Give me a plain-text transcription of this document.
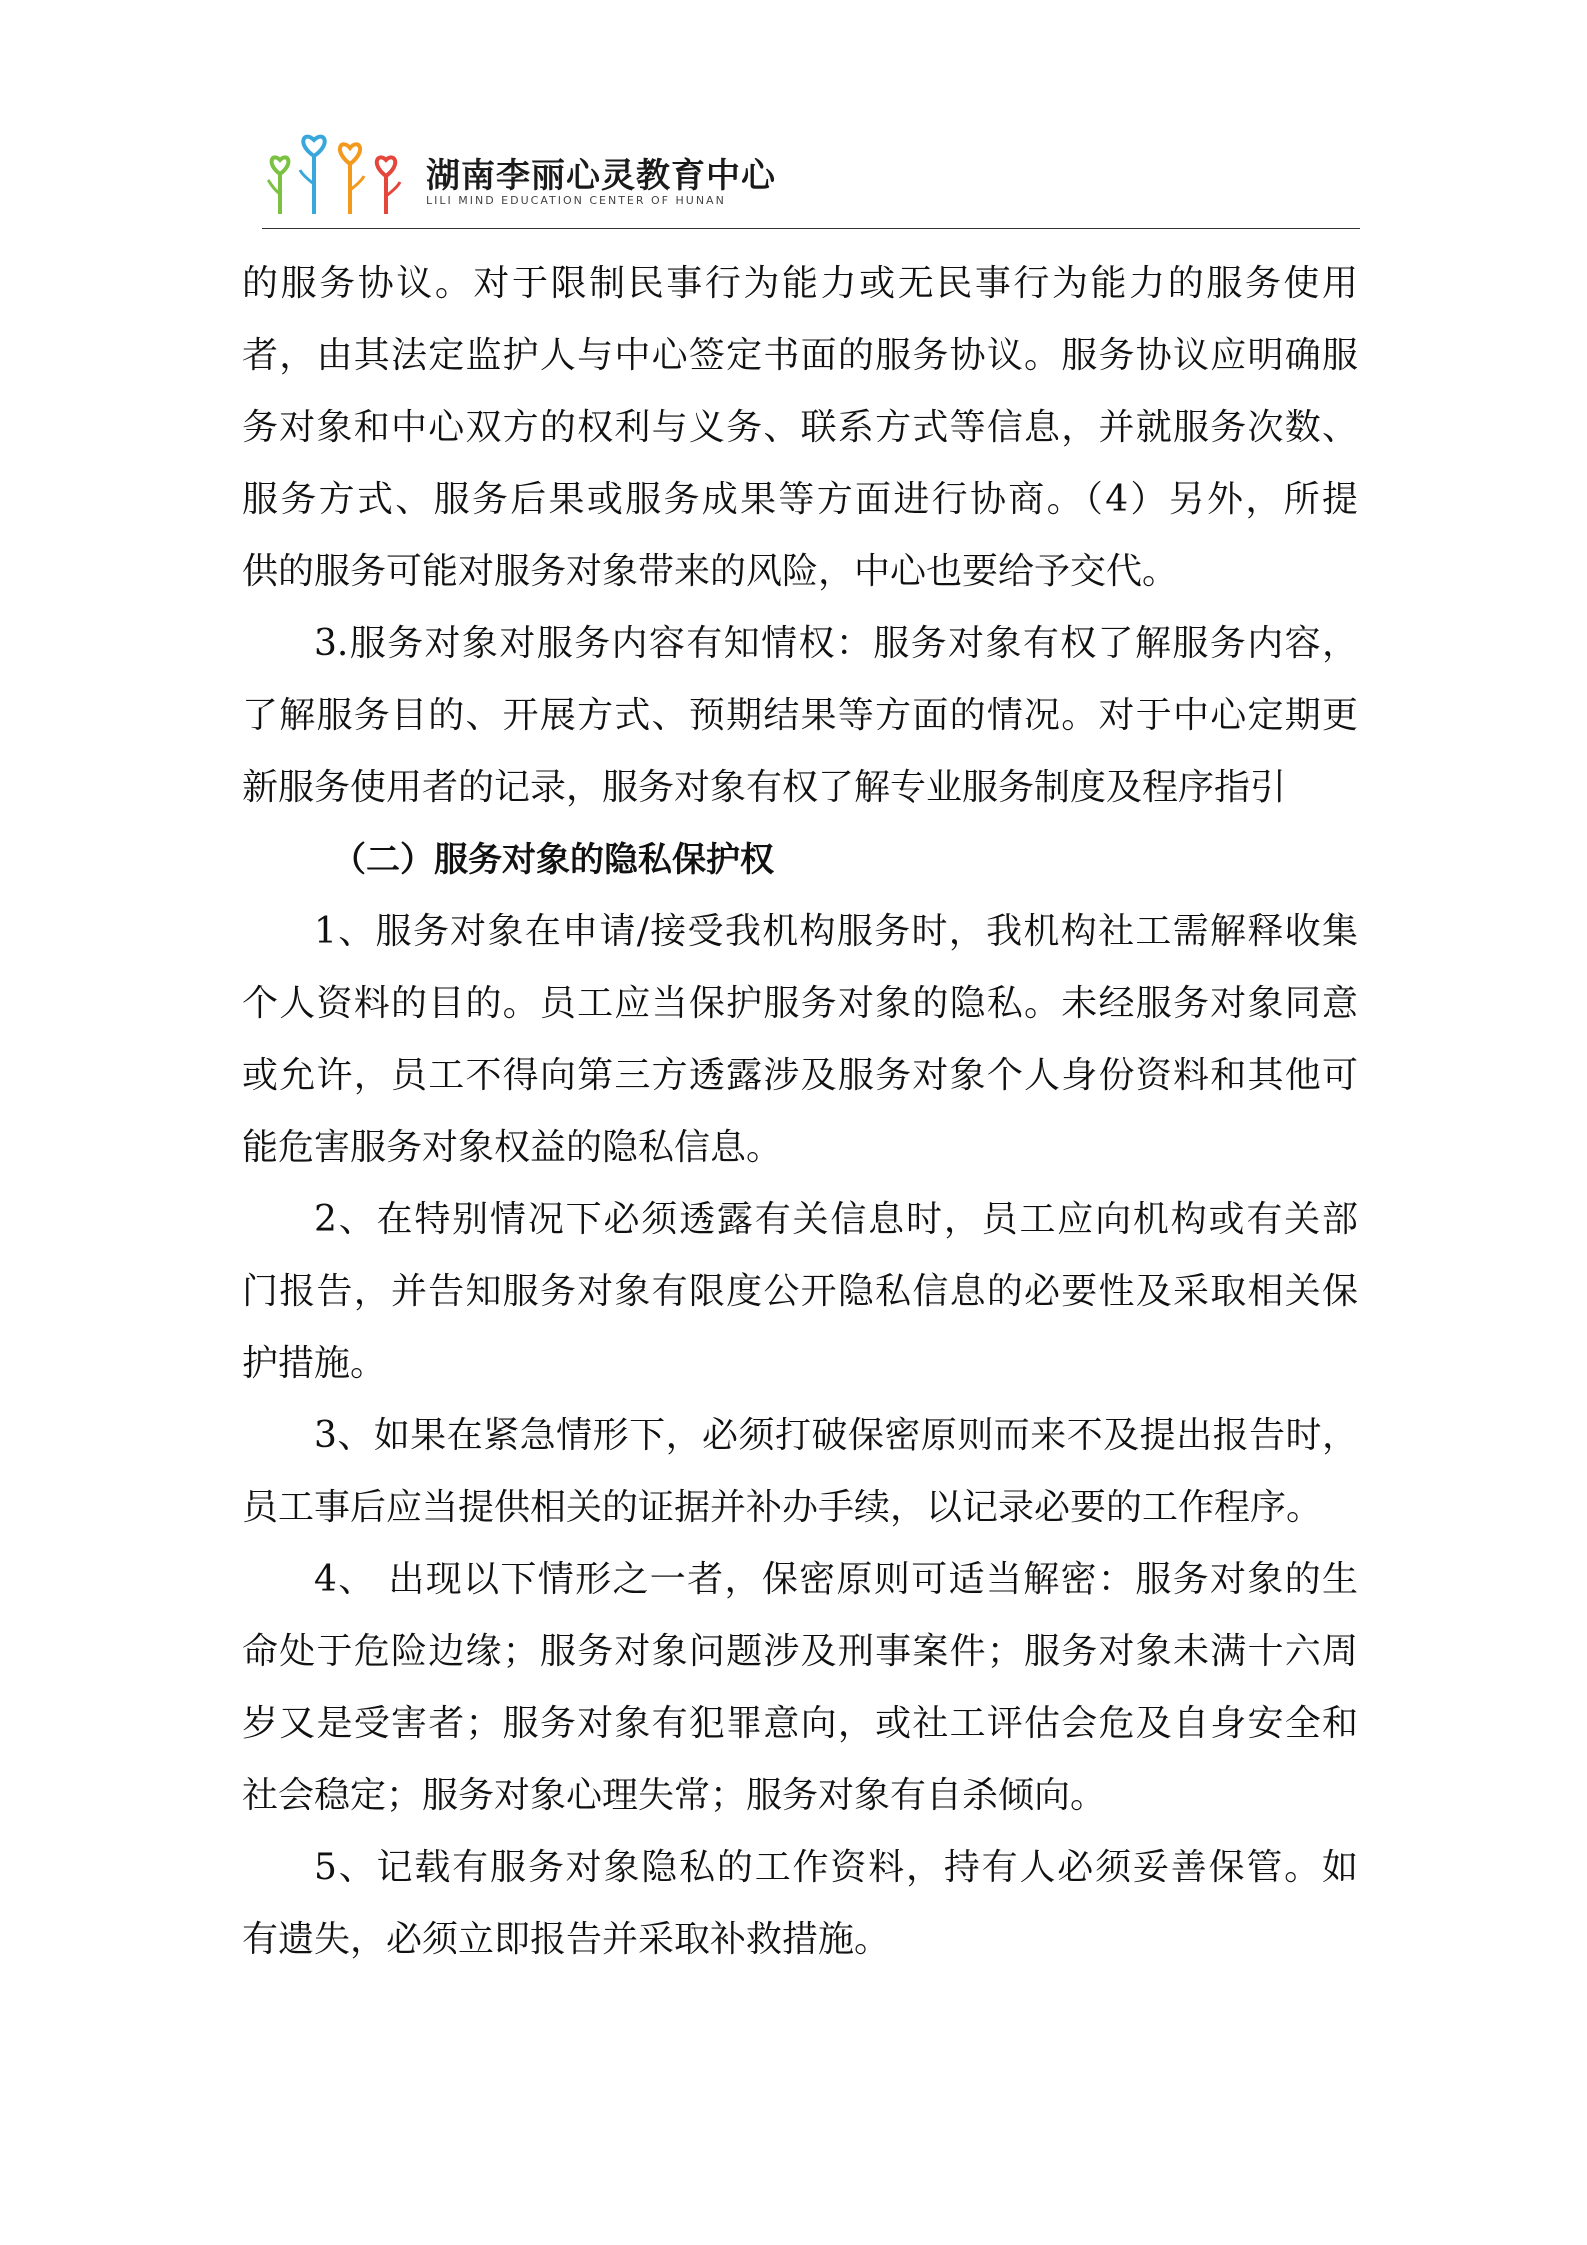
湖南李丽心灵教育中心
LILI MIND EDUCATION CENTER OF HUNAN
的服务协议。对于限制民事行为能力或无民事行为能力的服务使用
者，由其法定监护人与中心签定书面的服务协议。服务协议应明确服
务对象和中心双方的权利与义务、联系方式等信息，并就服务次数、
服务方式、服务后果或服务成果等方面进行协商。（4）另外，所提
供的服务可能对服务对象带来的风险，中心也要给予交代。
3.服务对象对服务内容有知情权：服务对象有权了解服务内容，
了解服务目的、开展方式、预期结果等方面的情况。对于中心定期更
新服务使用者的记录，服务对象有权了解专业服务制度及程序指引
（二）服务对象的隐私保护权
1、服务对象在申请/接受我机构服务时，我机构社工需解释收集
个人资料的目的。员工应当保护服务对象的隐私。未经服务对象同意
或允许，员工不得向第三方透露涉及服务对象个人身份资料和其他可
能危害服务对象权益的隐私信息。
2、在特别情况下必须透露有关信息时，员工应向机构或有关部
门报告，并告知服务对象有限度公开隐私信息的必要性及采取相关保
护措施。
3、如果在紧急情形下，必须打破保密原则而来不及提出报告时，
员工事后应当提供相关的证据并补办手续，以记录必要的工作程序。
4、 出现以下情形之一者，保密原则可适当解密：服务对象的生
命处于危险边缘；服务对象问题涉及刑事案件；服务对象未满十六周
岁又是受害者；服务对象有犯罪意向，或社工评估会危及自身安全和
社会稳定；服务对象心理失常；服务对象有自杀倾向。
5、记载有服务对象隐私的工作资料，持有人必须妥善保管。如
有遗失，必须立即报告并采取补救措施。
